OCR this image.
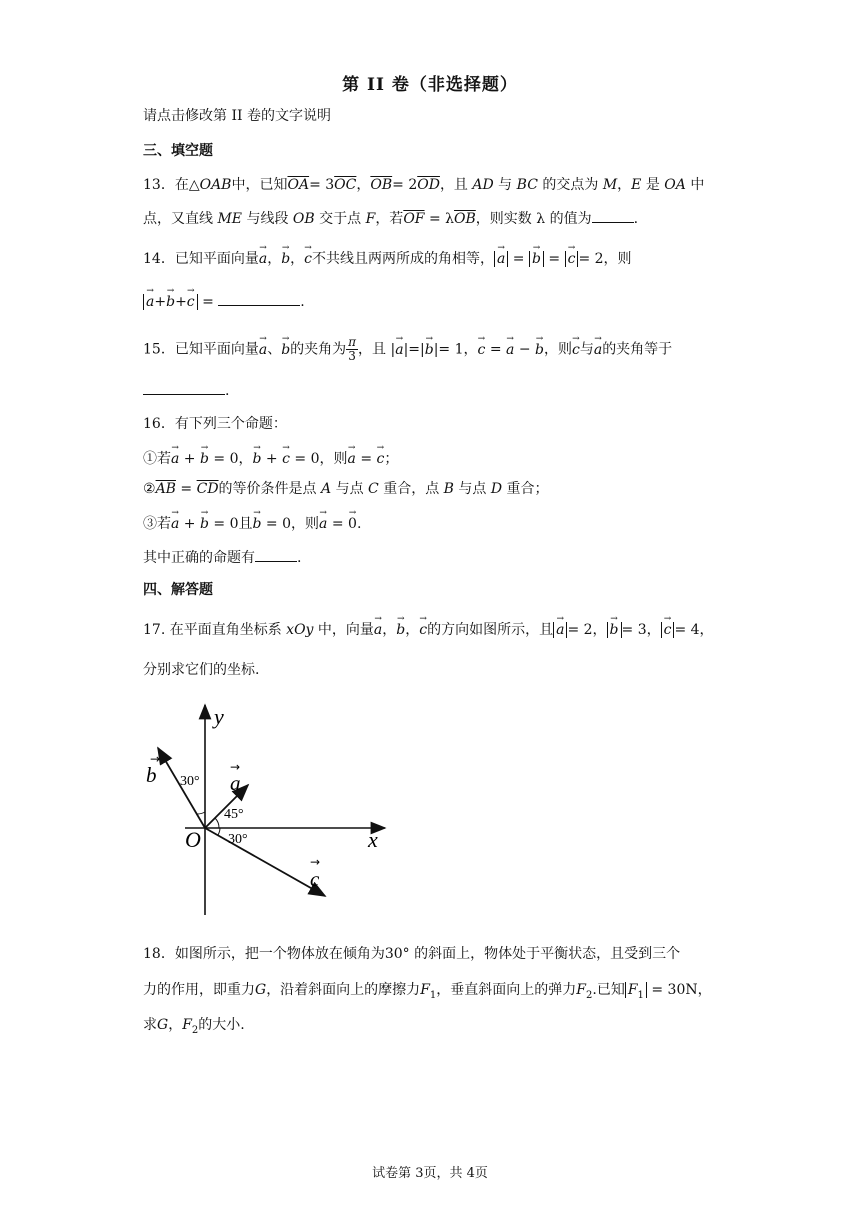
第 II 卷（非选择题）
请点击修改第 II 卷的文字说明
三、填空题
13．在△OAB中，已知$\overline{OA}= 3\overline{OC}$，$\overline{OB}= 2\overline{OD}$，且 AD 与 BC 的交点为 M，E 是 OA 中
点，又直线 ME 与线段 OB 交于点 F，若$\overline{OF} = \lambda\overline{OB}$，则实数 λ 的值为	.
14．已知平面向量→ a，→ b，→ c不共线且两两所成的角相等， → a = → b = → c = 2，则
→ a+→ b+→ c =	.
15．已知平面向量→ a、→ b的夹角为 $\frac{\pi}{3}$ ，且 |→ a|=|→ b|= 1，→ c = → a − → b，则→ c与→ a的夹角等于
.
16．有下列三个命题：
①若→ a + → b = 0，→ b + → c = 0，则→ a = → c；
$②\overline{AB} = \overline{CD}$的等价条件是点 A 与点 C 重合，点 B 与点 D 重合；
③若→ a + → b = 0且→ b = 0，则→ a = → 0.
其中正确的命题有	.
四、解答题
17. 在平面直角坐标系 xOy 中，向量→ a，→ b，→ c的方向如图所示，且 → a = 2， → b = 3， → c = 4，
分别求它们的坐标.
y
x
O
b
→
a
→
c
→
30°
45°
30°
18．如图所示，把一个物体放在倾角为30° 的斜面上，物体处于平衡状态，且受到三个
力的作用，即重力G，沿着斜面向上的摩擦力$F_1$，垂直斜面向上的弹力$F_2$.已知 $F_1 = 30N$，
求G，$F_2$的大小.
试卷第 3页，共 4页
